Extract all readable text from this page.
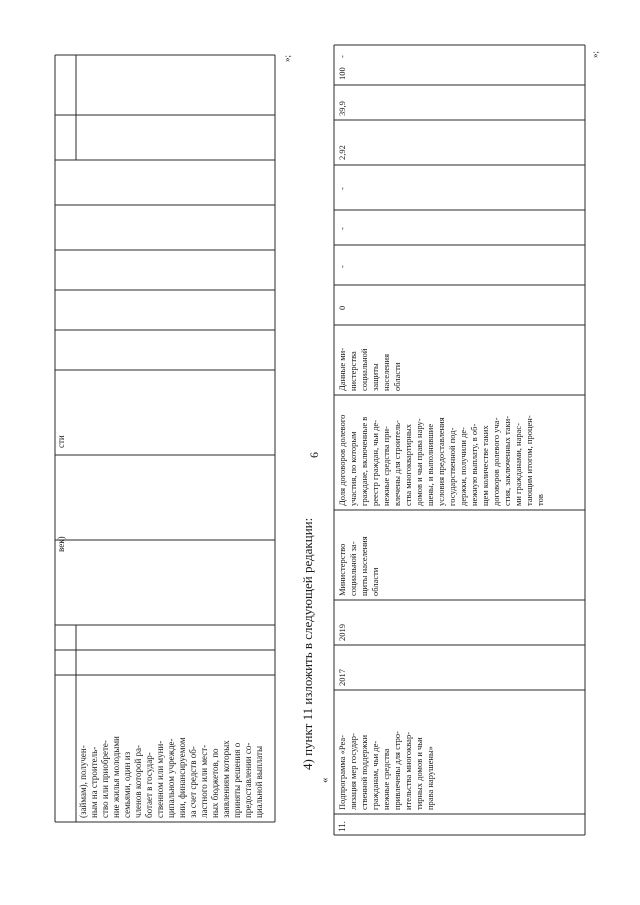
6
(займам), получен- ным на строитель- ство или приобрете- ние жилья молодыми семьями, один из членов которой ра- ботает в государ- ственном или муни- ципальном учрежде- нии, финансируемом за счет средств об- ластного или мест- ных бюджетов, по заявлениям которых приняты решения о предоставлении со- циальной выплаты
век)
сти
»;
4) пункт 11 изложить в следующей редакции:
«
11.
Подпрограмма «Реа- лизация мер государ- ственной поддержки гражданам, чьи де- нежные средства привлечены для стро- ительства многоквар- тирных домов и чьи права нарушены»
2017
2019
Министерство социальной за- щиты населения области
Доля договоров долевого участия, по которым граждане, включенные в реестр граждан, чьи де- нежные средства при- влечены для строитель- ства многоквартирных домов и чьи права нару- шены, и выполнившие условия предоставления государственной под- держки, получили де- нежную выплату, в об- щем количестве таких договоров долевого уча- стия, заключенных таки- ми гражданами, нарас- тающим итогом, процен- тов
Данные ми- нистерства социальной защиты населения области
0
-
-
-
2,92
39,9
100
-	»;
